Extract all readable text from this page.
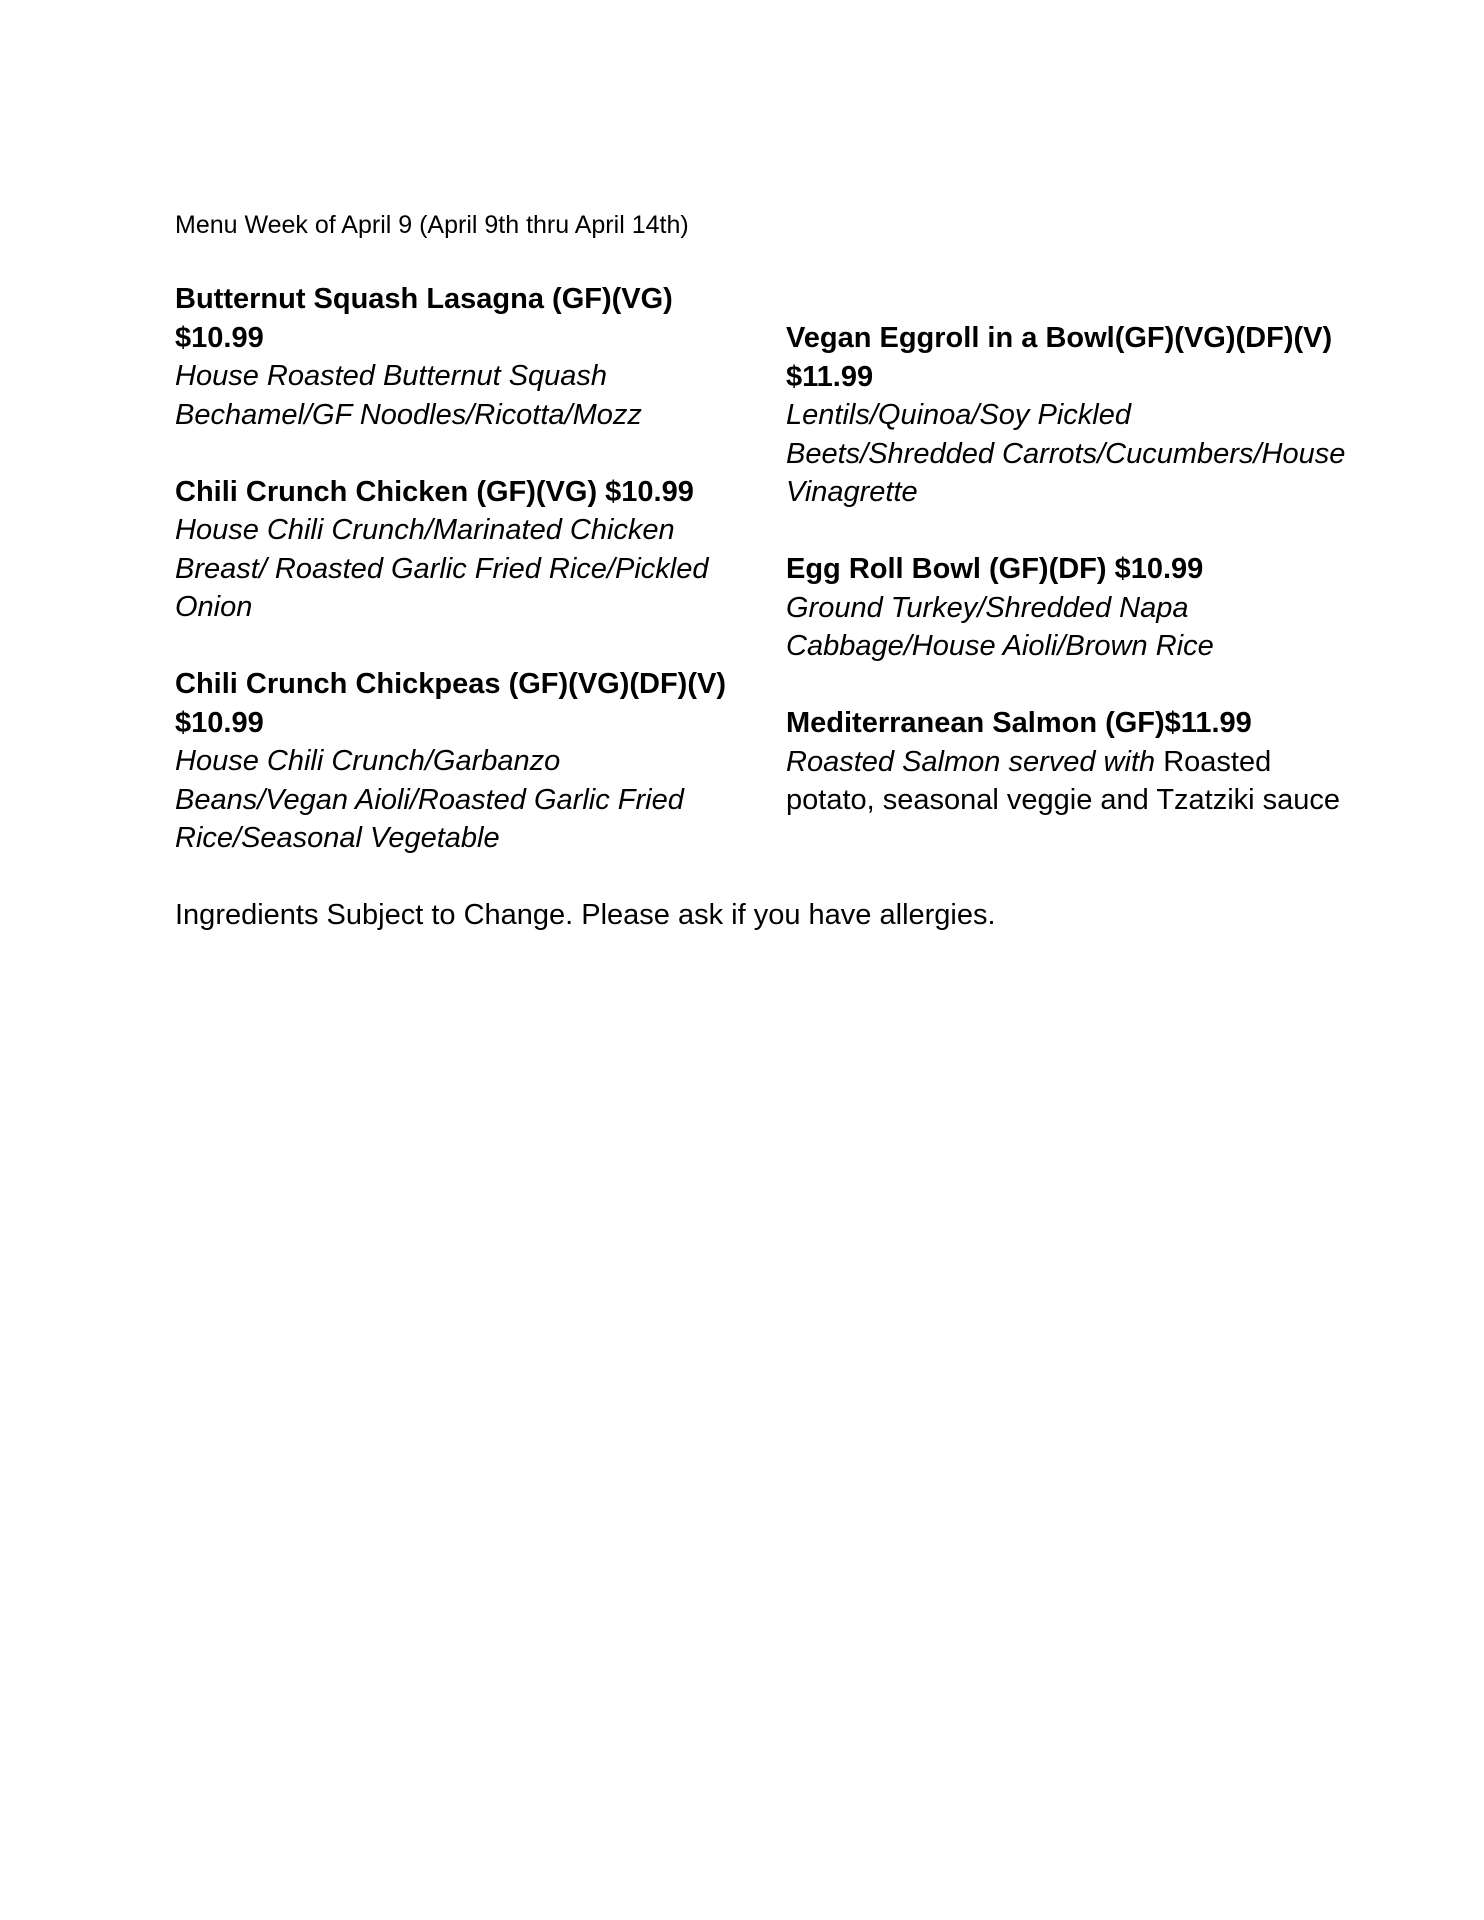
Menu Week of April 9 (April 9th thru April 14th)
Butternut Squash Lasagna (GF)(VG) $10.99
House Roasted Butternut Squash Bechamel/GF Noodles/Ricotta/Mozz
Chili Crunch Chicken (GF)(VG) $10.99
House Chili Crunch/Marinated Chicken Breast/ Roasted Garlic Fried Rice/Pickled Onion
Chili Crunch Chickpeas (GF)(VG)(DF)(V) $10.99
House Chili Crunch/Garbanzo Beans/Vegan Aioli/Roasted Garlic Fried Rice/Seasonal Vegetable
Vegan Eggroll in a Bowl(GF)(VG)(DF)(V) $11.99
Lentils/Quinoa/Soy Pickled Beets/Shredded Carrots/Cucumbers/House Vinagrette
Egg Roll Bowl (GF)(DF) $10.99
Ground Turkey/Shredded Napa Cabbage/House Aioli/Brown Rice
Mediterranean Salmon (GF)$11.99
Roasted Salmon served with Roasted potato, seasonal veggie and Tzatziki sauce

Ingredients Subject to Change. Please ask if you have allergies.
